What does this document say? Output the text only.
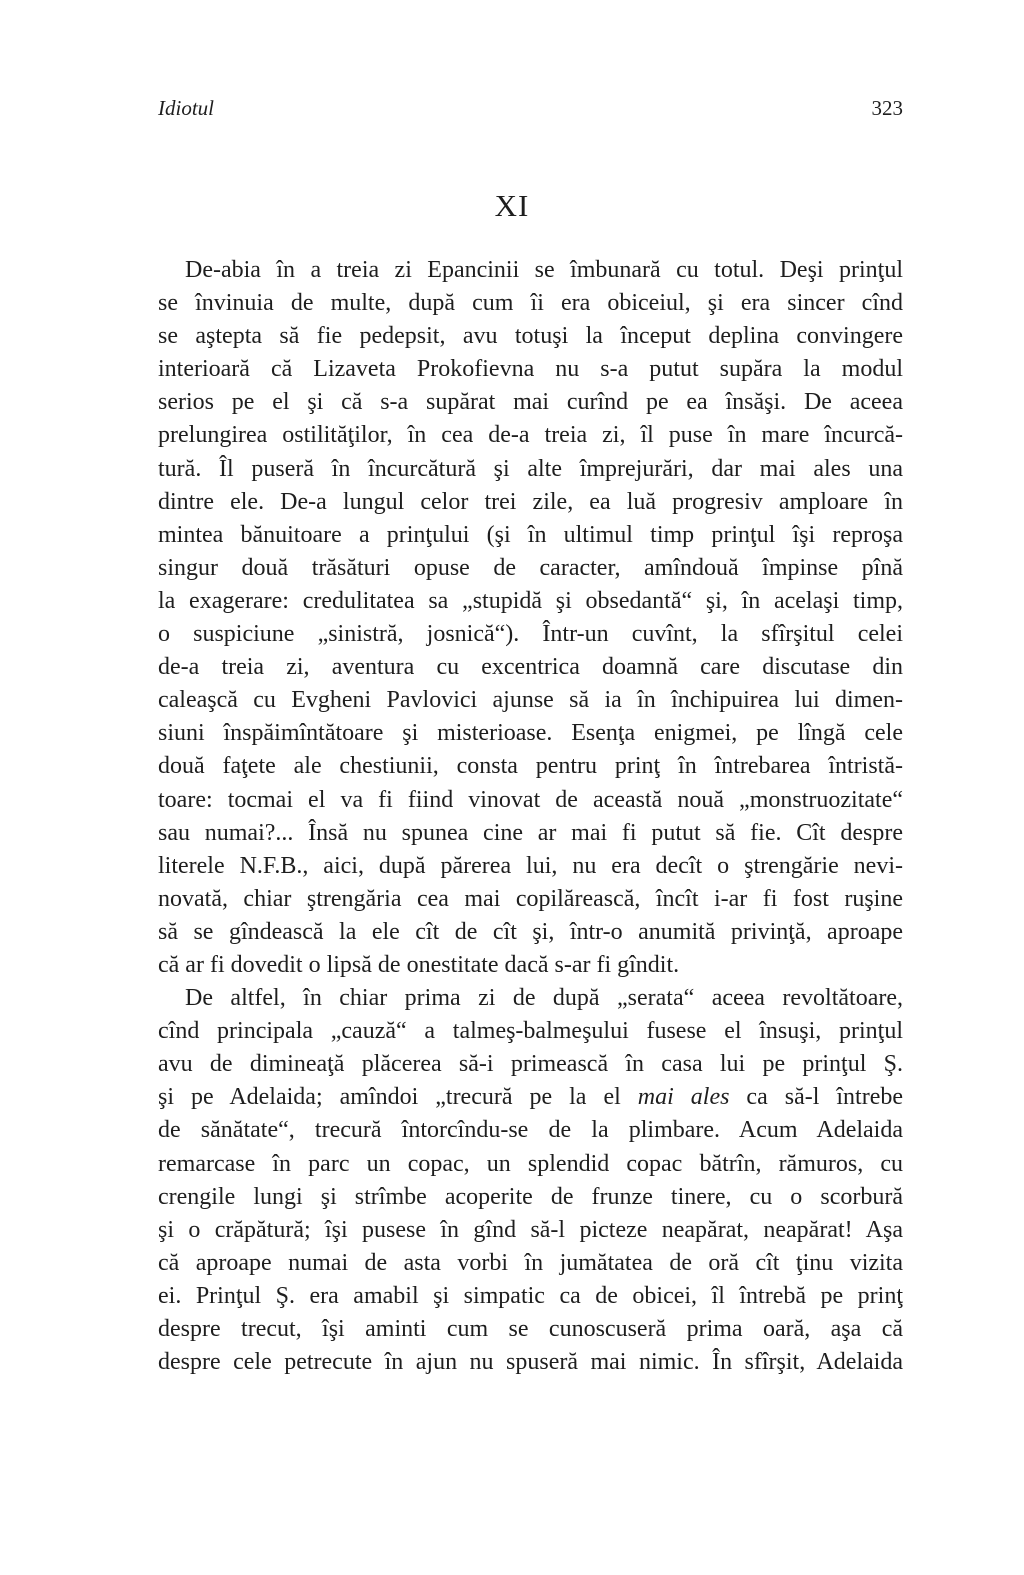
Idiotul	323
XI
De-abia în a treia zi Epancinii se îmbunară cu totul. Deşi prinţul
se învinuia de multe, după cum îi era obiceiul, şi era sincer cînd
se aştepta să fie pedepsit, avu totuşi la început deplina convingere
interioară că Lizaveta Prokofievna nu s-a putut supăra la modul
serios pe el şi că s-a supărat mai curînd pe ea însăşi. De aceea
prelungirea ostilităţilor, în cea de-a treia zi, îl puse în mare încurcă-
tură. Îl puseră în încurcătură şi alte împrejurări, dar mai ales una
dintre ele. De-a lungul celor trei zile, ea luă progresiv amploare în
mintea bănuitoare a prinţului (şi în ultimul timp prinţul îşi reproşa
singur două trăsături opuse de caracter, amîndouă împinse pînă
la exagerare: credulitatea sa „stupidă şi obsedantă“ şi, în acelaşi timp,
o suspiciune „sinistră, josnică“). Într-un cuvînt, la sfîrşitul celei
de-a treia zi, aventura cu excentrica doamnă care discutase din
caleaşcă cu Evgheni Pavlovici ajunse să ia în închipuirea lui dimen-
siuni înspăimîntătoare şi misterioase. Esenţa enigmei, pe lîngă cele
două faţete ale chestiunii, consta pentru prinţ în întrebarea întristă-
toare: tocmai el va fi fiind vinovat de această nouă „monstruozitate“
sau numai?... Însă nu spunea cine ar mai fi putut să fie. Cît despre
literele N.F.B., aici, după părerea lui, nu era decît o ştrengărie nevi-
novată, chiar ştrengăria cea mai copilărească, încît i-ar fi fost ruşine
să se gîndească la ele cît de cît şi, într-o anumită privinţă, aproape
că ar fi dovedit o lipsă de onestitate dacă s-ar fi gîndit.
De altfel, în chiar prima zi de după „serata“ aceea revoltătoare,
cînd principala „cauză“ a talmeş-balmeşului fusese el însuşi, prinţul
avu de dimineaţă plăcerea să-i primească în casa lui pe prinţul Ş.
şi pe Adelaida; amîndoi „trecură pe la el mai ales ca să-l întrebe
de sănătate“, trecură întorcîndu-se de la plimbare. Acum Adelaida
remarcase în parc un copac, un splendid copac bătrîn, rămuros, cu
crengile lungi şi strîmbe acoperite de frunze tinere, cu o scorbură
şi o crăpătură; îşi pusese în gînd să-l picteze neapărat, neapărat! Aşa
că aproape numai de asta vorbi în jumătatea de oră cît ţinu vizita
ei. Prinţul Ş. era amabil şi simpatic ca de obicei, îl întrebă pe prinţ
despre trecut, îşi aminti cum se cunoscuseră prima oară, aşa că
despre cele petrecute în ajun nu spuseră mai nimic. În sfîrşit, Adelaida
